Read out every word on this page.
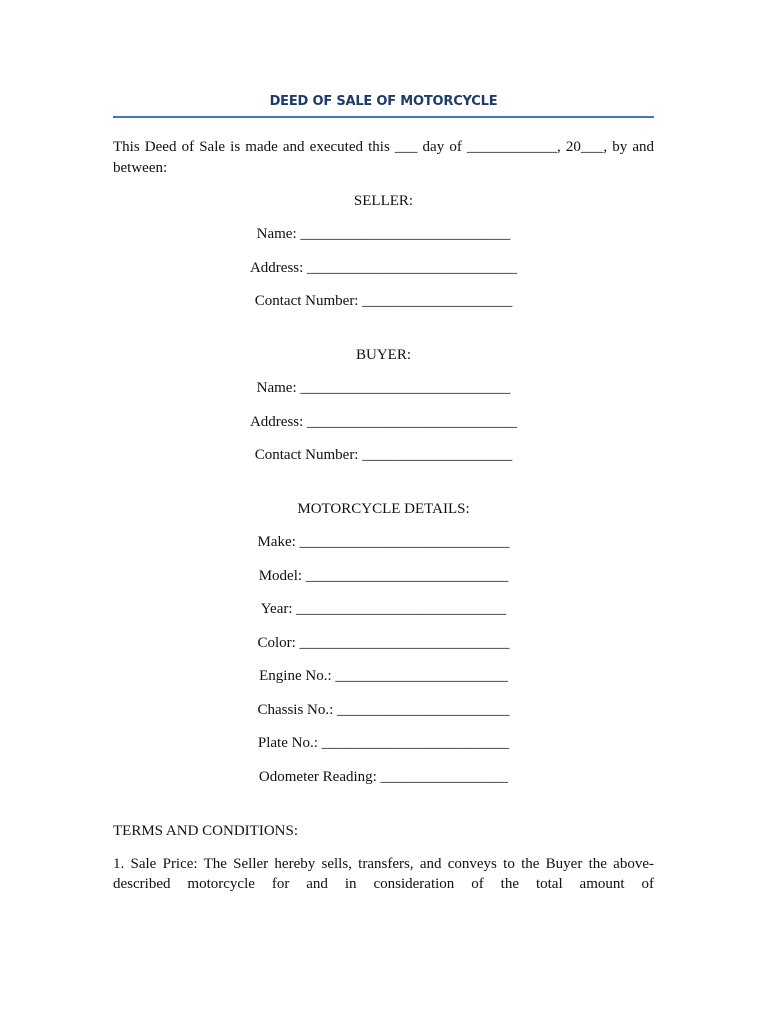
DEED OF SALE OF MOTORCYCLE
This Deed of Sale is made and executed this ___ day of ____________, 20___, by and between:
SELLER:
Name: ____________________________
Address: ____________________________
Contact Number: ____________________
BUYER:
Name: ____________________________
Address: ____________________________
Contact Number: ____________________
MOTORCYCLE DETAILS:
Make: ____________________________
Model: ___________________________
Year: ____________________________
Color: ____________________________
Engine No.: _______________________
Chassis No.: _______________________
Plate No.: _________________________
Odometer Reading: _________________
TERMS AND CONDITIONS:
1. Sale Price: The Seller hereby sells, transfers, and conveys to the Buyer the above-
described motorcycle for and in consideration of the total amount of
